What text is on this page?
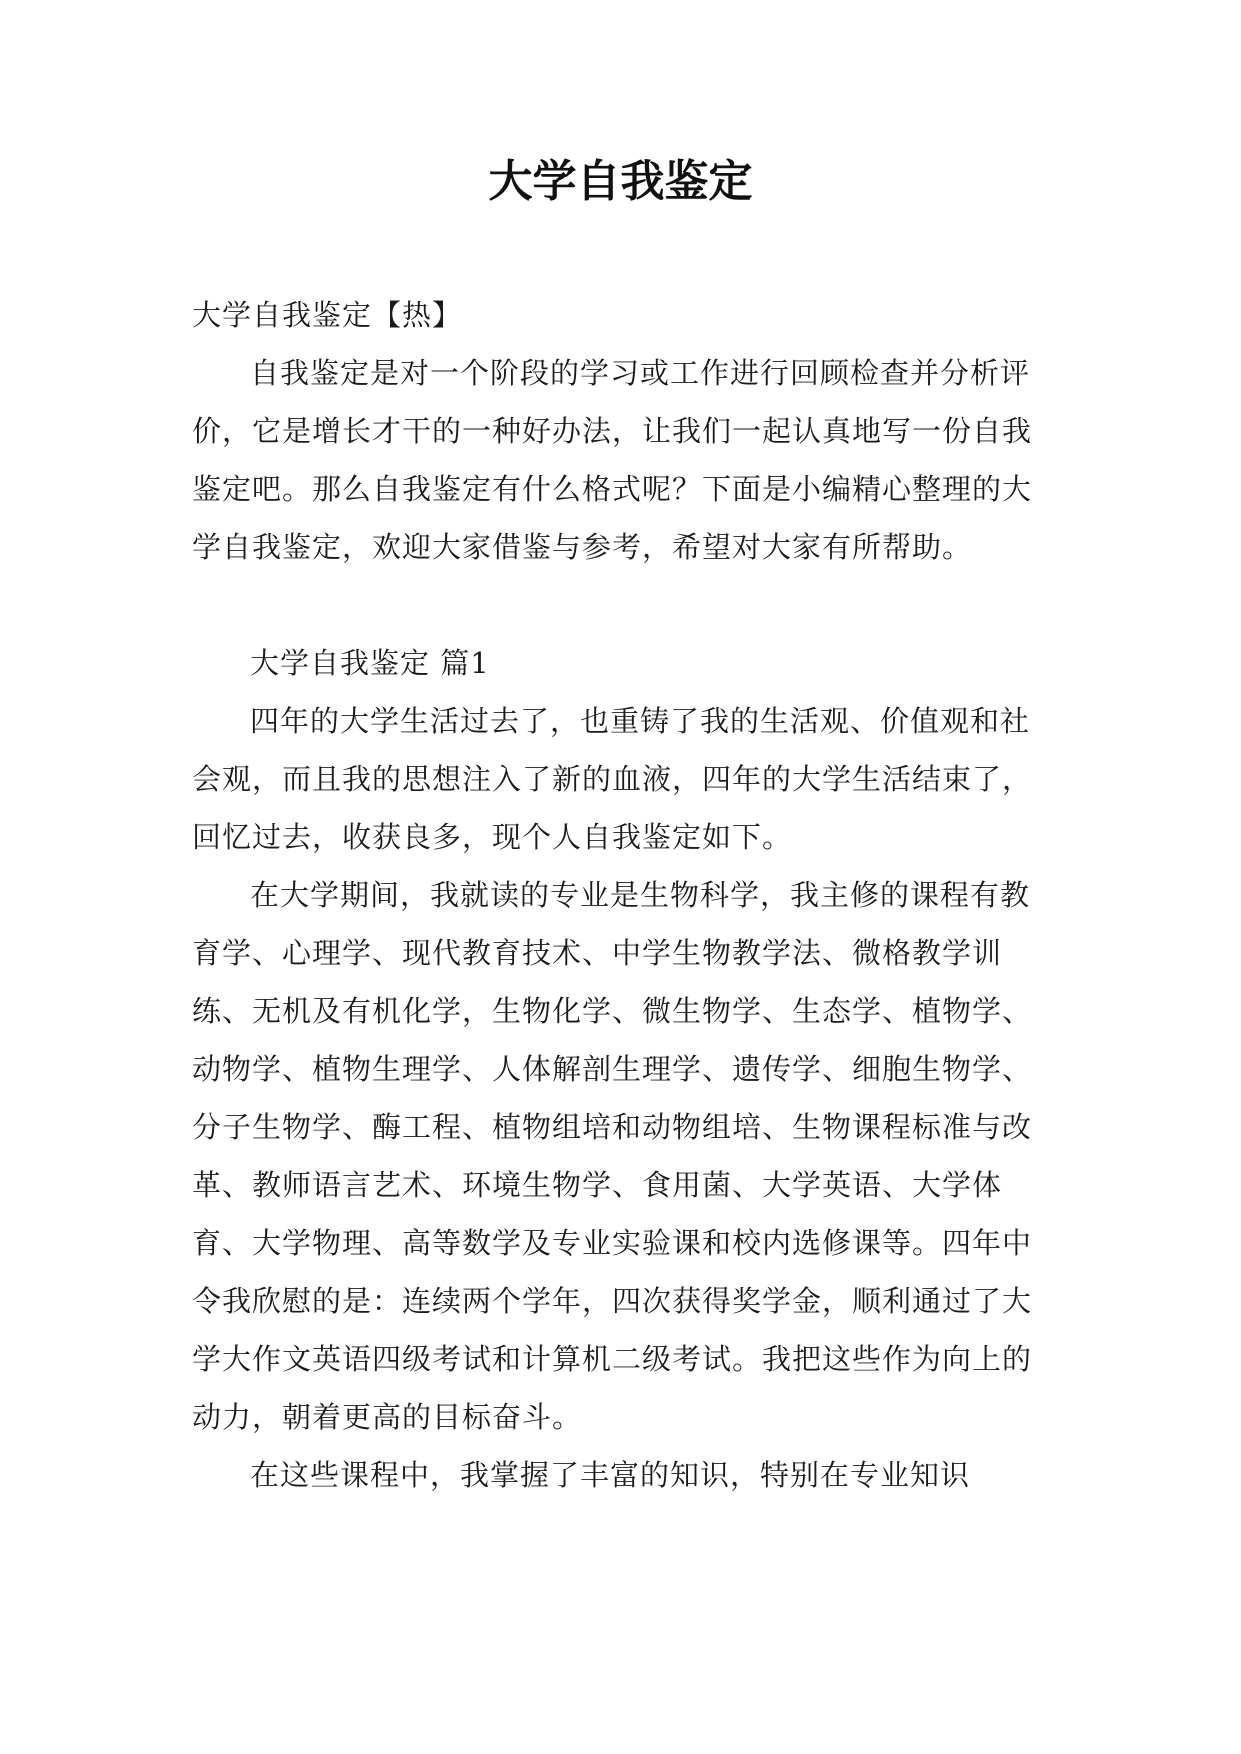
大学自我鉴定

大学自我鉴定【热】

自我鉴定是对一个阶段的学习或工作进行回顾检查并分析评价，它是增长才干的一种好办法，让我们一起认真地写一份自我鉴定吧。那么自我鉴定有什么格式呢？下面是小编精心整理的大学自我鉴定，欢迎大家借鉴与参考，希望对大家有所帮助。

大学自我鉴定 篇1

四年的大学生活过去了，也重铸了我的生活观、价值观和社会观，而且我的思想注入了新的血液，四年的大学生活结束了，回忆过去，收获良多，现个人自我鉴定如下。

在大学期间，我就读的专业是生物科学，我主修的课程有教育学、心理学、现代教育技术、中学生物教学法、微格教学训练、无机及有机化学，生物化学、微生物学、生态学、植物学、动物学、植物生理学、人体解剖生理学、遗传学、细胞生物学、分子生物学、酶工程、植物组培和动物组培、生物课程标准与改革、教师语言艺术、环境生物学、食用菌、大学英语、大学体育、大学物理、高等数学及专业实验课和校内选修课等。四年中令我欣慰的是：连续两个学年，四次获得奖学金，顺利通过了大学大作文英语四级考试和计算机二级考试。我把这些作为向上的动力，朝着更高的目标奋斗。

在这些课程中，我掌握了丰富的知识，特别在专业知识
